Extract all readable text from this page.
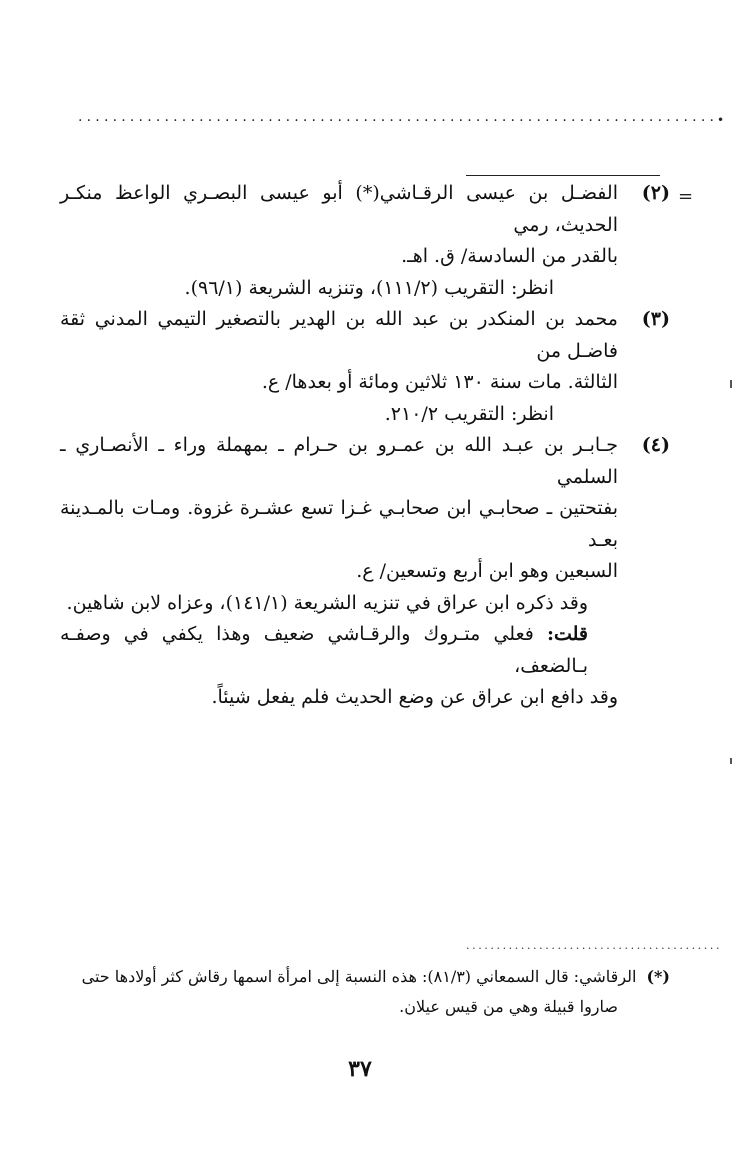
..........................................................................
•
=
(٢)
الفضـل بن عيسى الرقـاشي(*) أبو عيسى البصـري الواعظ منكـر الحديث، رمي
بالقدر من السادسة/ ق. اهـ.
انظر: التقريب (١١١/٢)، وتنزيه الشريعة (٩٦/١).
(٣)
محمد بن المنكدر بن عبد الله بن الهدير بالتصغير التيمي المدني ثقة فاضـل من
الثالثة. مات سنة ١٣٠ ثلاثين ومائة أو بعدها/ ع.
انظر: التقريب ٢١٠/٢.
(٤)
جـابـر بن عبـد الله بن عمـرو بن حـرام ـ بمهملة وراء ـ الأنصـاري ـ السلمي
بفتحتين ـ صحابـي ابن صحابـي غـزا تسع عشـرة غزوة. ومـات بالمـدينة بعـد
السبعين وهو ابن أربع وتسعين/ ع.
وقد ذكره ابن عراق في تنزيه الشريعة (١٤١/١)، وعزاه لابن شاهين.
قلت: فعلي متـروك والرقـاشي ضعيف وهذا يكفي في وصفـه بـالضعف،
وقد دافع ابن عراق عن وضع الحديث فلم يفعل شيئاً.
..........................................
(*)الرقاشي: قال السمعاني (٨١/٣): هذه النسبة إلى امرأة اسمها رقاش كثر أولادها حتى
صاروا قبيلة وهي من قيس عيلان.
٣٧
